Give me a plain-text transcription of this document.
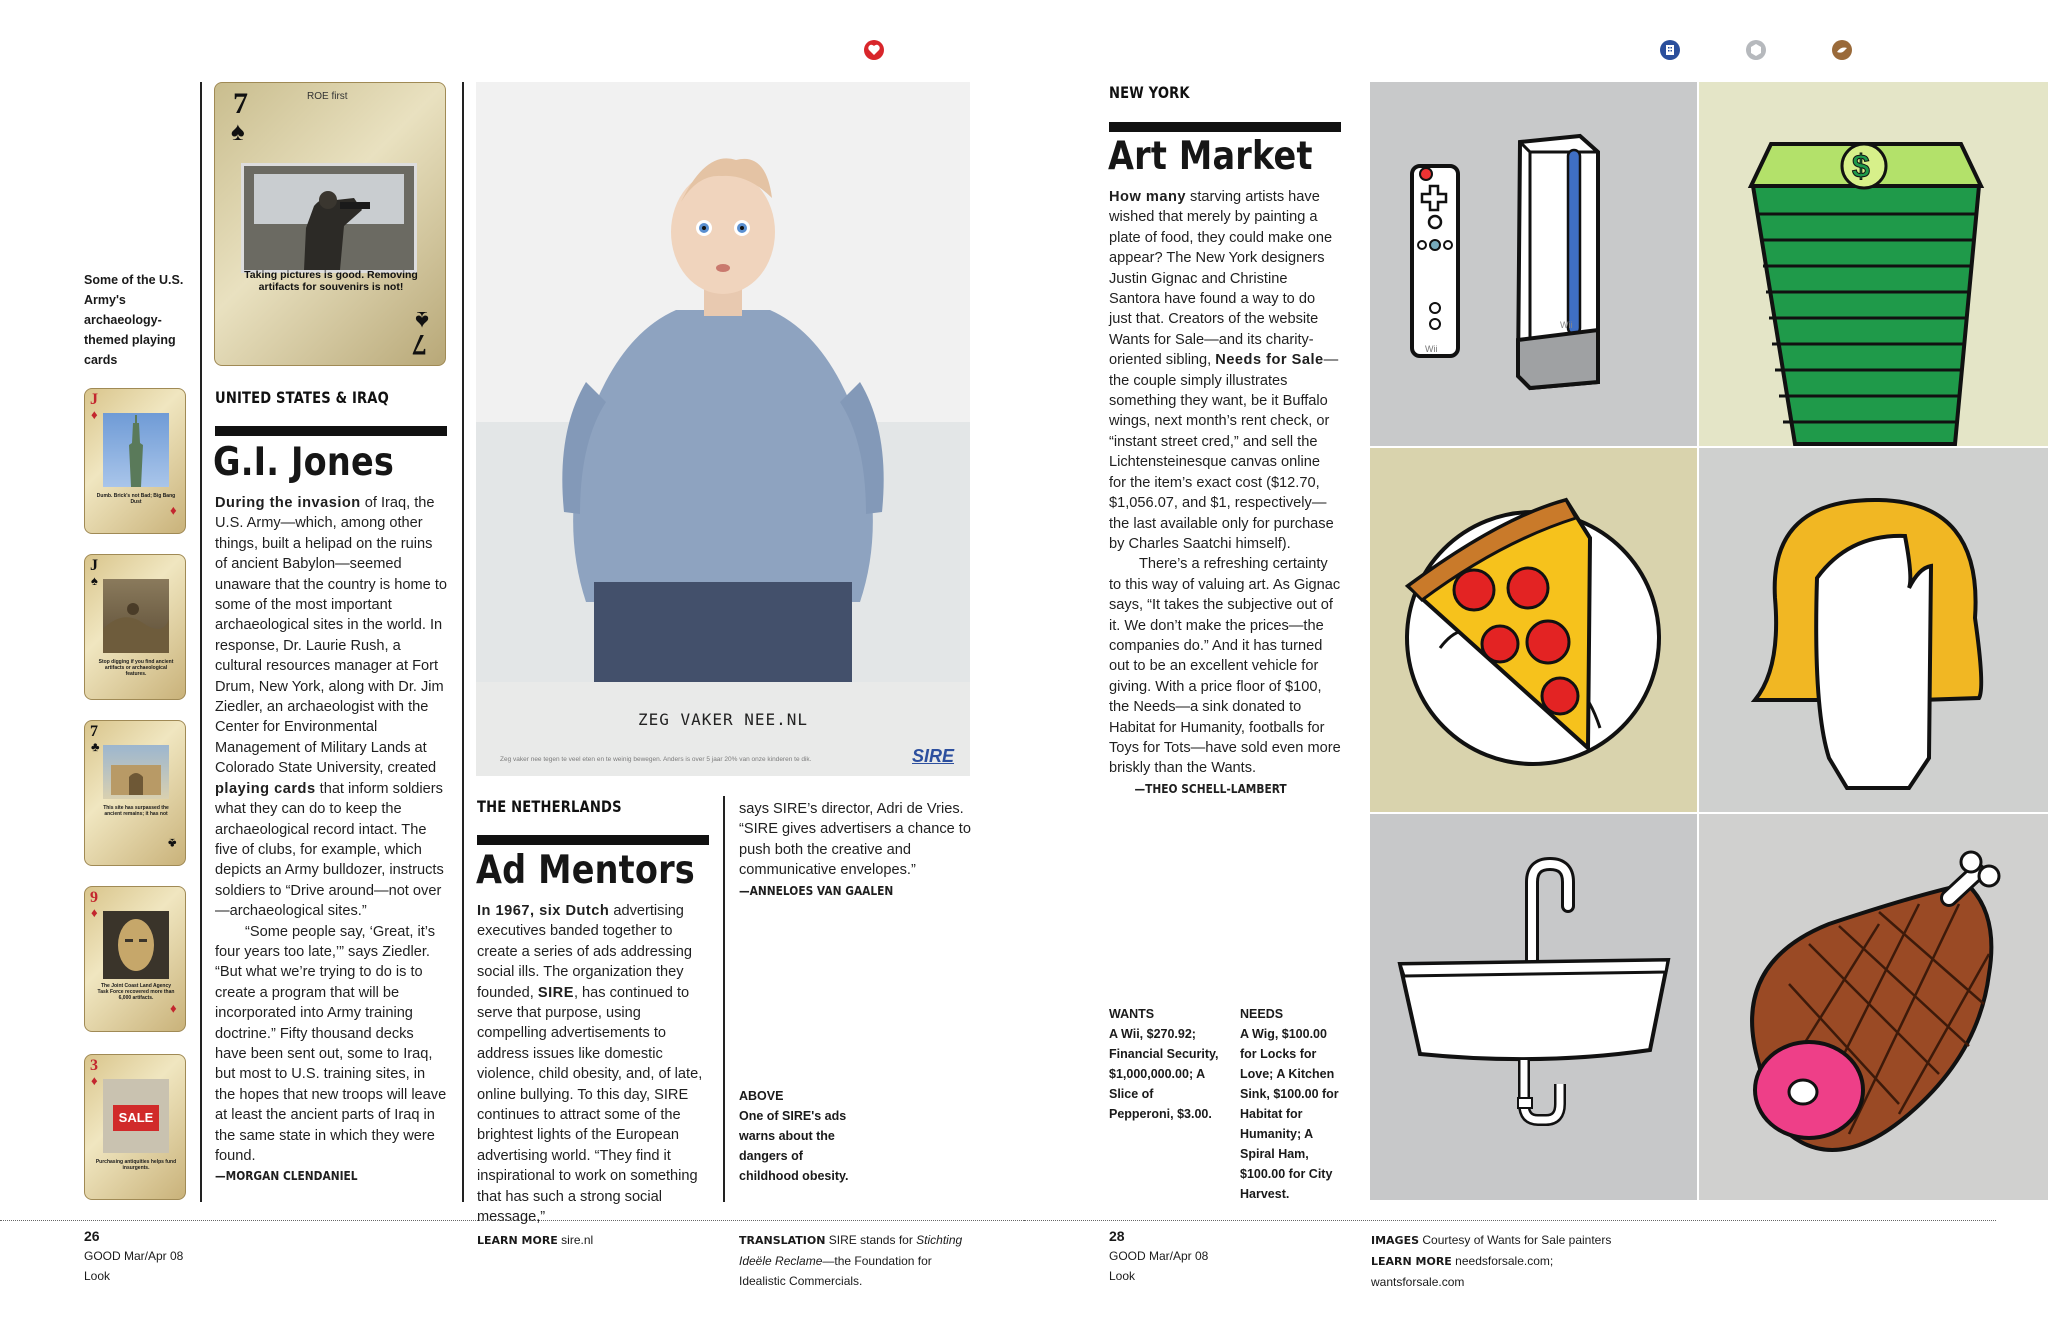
Some of the U.S. Army's archaeology-themed playing cards
J
♦
Dumb. Brick's not Bad; Big Bang Dust
♦
J
♠
Stop digging if you find ancient artifacts or archaeological features.
7
♣
This site has surpassed the ancient remains; it has not
♣
9
♦
The Joint Coast Land Agency Task Force recovered more than 6,000 artifacts.
♦
3
♦
SALE
Purchasing antiquities helps fund insurgents.
7
♠
ROE first
Taking pictures is good. Removing artifacts for souvenirs is not!
♠
7
UNITED STATES & IRAQ
G.I. Jones

During the invasion of Iraq, the U.S. Army—which, among other things, built a helipad on the ruins of ancient Babylon—seemed unaware that the country is home to some of the most important archaeological sites in the world. In response, Dr. Laurie Rush, a cultural resources manager at Fort Drum, New York, along with Dr. Jim Ziedler, an archaeologist with the Center for Environmental Management of Military Lands at Colorado State University, created playing cards that inform soldiers what they can do to keep the archaeological record intact. The five of clubs, for example, which depicts an Army bulldozer, instructs soldiers to “Drive around—not over—archaeological sites.”

“Some people say, ‘Great, it’s four years too late,’” says Ziedler. “But what we’re trying to do is to create a program that will be incorporated into Army training doctrine.” Fifty thousand decks have been sent out, some to Iraq, but most to U.S. training sites, in the hopes that new troops will leave at least the ancient parts of Iraq in the same state in which they were found.

—MORGAN CLENDANIEL

ZEG VAKER NEE.NL
Zeg vaker nee tegen te veel eten en te weinig bewegen. Anders is over 5 jaar 20% van onze kinderen te dik.	SIRE
THE NETHERLANDS
Ad Mentors

In 1967, six Dutch advertising executives banded together to create a series of ads addressing social ills. The organization they founded, SIRE, has continued to serve that purpose, using compelling advertisements to address issues like domestic violence, child obesity, and, of late, online bullying. To this day, SIRE continues to attract some of the brightest lights of the European advertising world. “They find it inspirational to work on something that has such a strong social message,”

says SIRE’s director, Adri de Vries. “SIRE gives advertisers a chance to push both the creative and communicative envelopes.”—ANNELOES VAN GAALEN

ABOVE
One of SIRE's ads warns about the dangers of childhood obesity.
NEW YORK
Art Market

How many starving artists have wished that merely by painting a plate of food, they could make one appear? The New York designers Justin Gignac and Christine Santora have found a way to do just that. Creators of the website Wants for Sale—and its charity-oriented sibling, Needs for Sale—the couple simply illustrates something they want, be it Buffalo wings, next month’s rent check, or “instant street cred,” and sell the Lichtensteinesque canvas online for the item’s exact cost ($12.70, $1,056.07, and $1, respectively—the last available only for purchase by Charles Saatchi himself).

There’s a refreshing certainty to this way of valuing art. As Gignac says, “It takes the subjective out of it. We don’t make the prices—the companies do.” And it has turned out to be an excellent vehicle for giving. With a price floor of $100, the Needs—a sink donated to Habitat for Humanity, footballs for Toys for Tots—have sold even more briskly than the Wants.—THEO SCHELL-LAMBERT

WANTS
A Wii, $270.92; Financial Security, $1,000,000.00; A Slice of Pepperoni, $3.00.
NEEDS
A Wig, $100.00 for Locks for Love; A Kitchen Sink, $100.00 for Habitat for Humanity; A Spiral Ham, $100.00 for City Harvest.
Wii
Wii
$
26
GOOD Mar/Apr 08
Look
LEARN MORE sire.nl	TRANSLATION SIRE stands for Stichting Ideële Reclame—the Foundation for Idealistic Commercials.
28
GOOD Mar/Apr 08
Look
IMAGES Courtesy of Wants for Sale painters
LEARN MORE needsforsale.com; wantsforsale.com
